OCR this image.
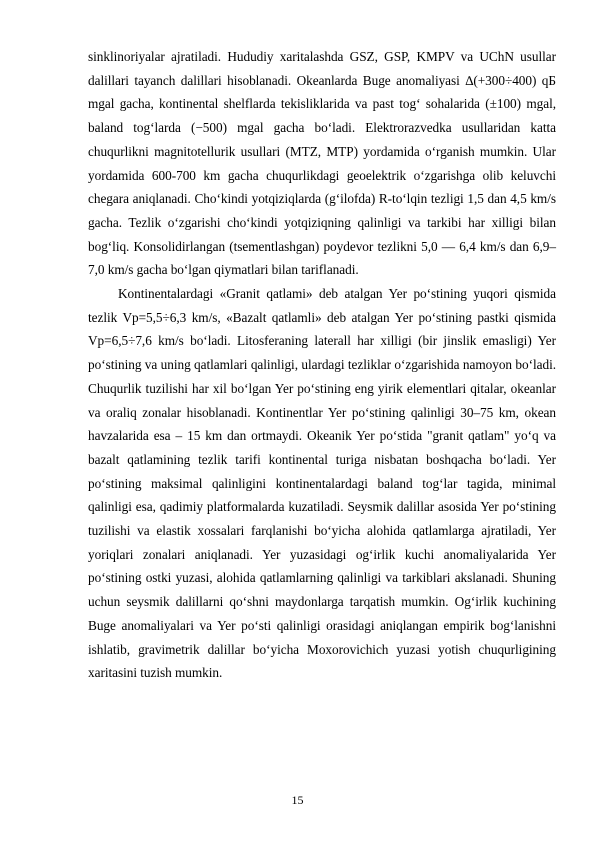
sinklinoriyalar ajratiladi. Hududiy xaritalashda GSZ, GSP, KMPV va UChN usullar dalillari tayanch dalillari hisoblanadi. Okeanlarda Buge anomaliyasi ∆(+300÷400) qБ mgal gacha, kontinental shelflarda tekisliklarida va past tog‘ sohalarida (±100) mgal, baland tog‘larda (−500) mgal gacha bo‘ladi. Elektrorazvedka usullaridan katta chuqurlikni magnitotellurik usullari (MTZ, MTP) yordamida o‘rganish mumkin. Ular yordamida 600-700 km gacha chuqurlikdagi geoelektrik o‘zgarishga olib keluvchi chegara aniqlanadi. Cho‘kindi yotqiziqlarda (g‘ilofda) R-to‘lqin tezligi 1,5 dan 4,5 km/s gacha. Tezlik o‘zgarishi cho‘kindi yotqiziqning qalinligi va tarkibi har xilligi bilan bog‘liq. Konsolidirlangan (tsementlashgan) poydevor tezlikni 5,0 — 6,4 km/s dan 6,9–7,0 km/s gacha bo‘lgan qiymatlari bilan tariflanadi.

Kontinentalardagi «Granit qatlami» deb atalgan Yer po‘stining yuqori qismida tezlik Vp=5,5÷6,3 km/s, «Bazalt qatlamli» deb atalgan Yer po‘stining pastki qismida Vp=6,5÷7,6 km/s bo‘ladi. Litosferaning laterall har xilligi (bir jinslik emasligi) Yer po‘stining va uning qatlamlari qalinligi, ulardagi tezliklar o‘zgarishida namoyon bo‘ladi. Chuqurlik tuzilishi har xil bo‘lgan Yer po‘stining eng yirik elementlari qitalar, okeanlar va oraliq zonalar hisoblanadi. Kontinentlar Yer po‘stining qalinligi 30–75 km, okean havzalarida esa – 15 km dan ortmaydi. Okeanik Yer po‘stida "granit qatlam" yo‘q va bazalt qatlamining tezlik tarifi kontinental turiga nisbatan boshqacha bo‘ladi. Yer po‘stining maksimal qalinligini kontinentalardagi baland tog‘lar tagida, minimal qalinligi esa, qadimiy platformalarda kuzatiladi. Seysmik dalillar asosida Yer po‘stining tuzilishi va elastik xossalari farqlanishi bo‘yicha alohida qatlamlarga ajratiladi, Yer yoriqlari zonalari aniqlanadi. Yer yuzasidagi og‘irlik kuchi anomaliyalarida Yer po‘stining ostki yuzasi, alohida qatlamlarning qalinligi va tarkiblari akslanadi. Shuning uchun seysmik dalillarni qo‘shni maydonlarga tarqatish mumkin. Og‘irlik kuchining Buge anomaliyalari va Yer po‘sti qalinligi orasidagi aniqlangan empirik bog‘lanishni ishlatib, gravimetrik dalillar bo‘yicha Moxorovichich yuzasi yotish chuqurligining xaritasini tuzish mumkin.

15
